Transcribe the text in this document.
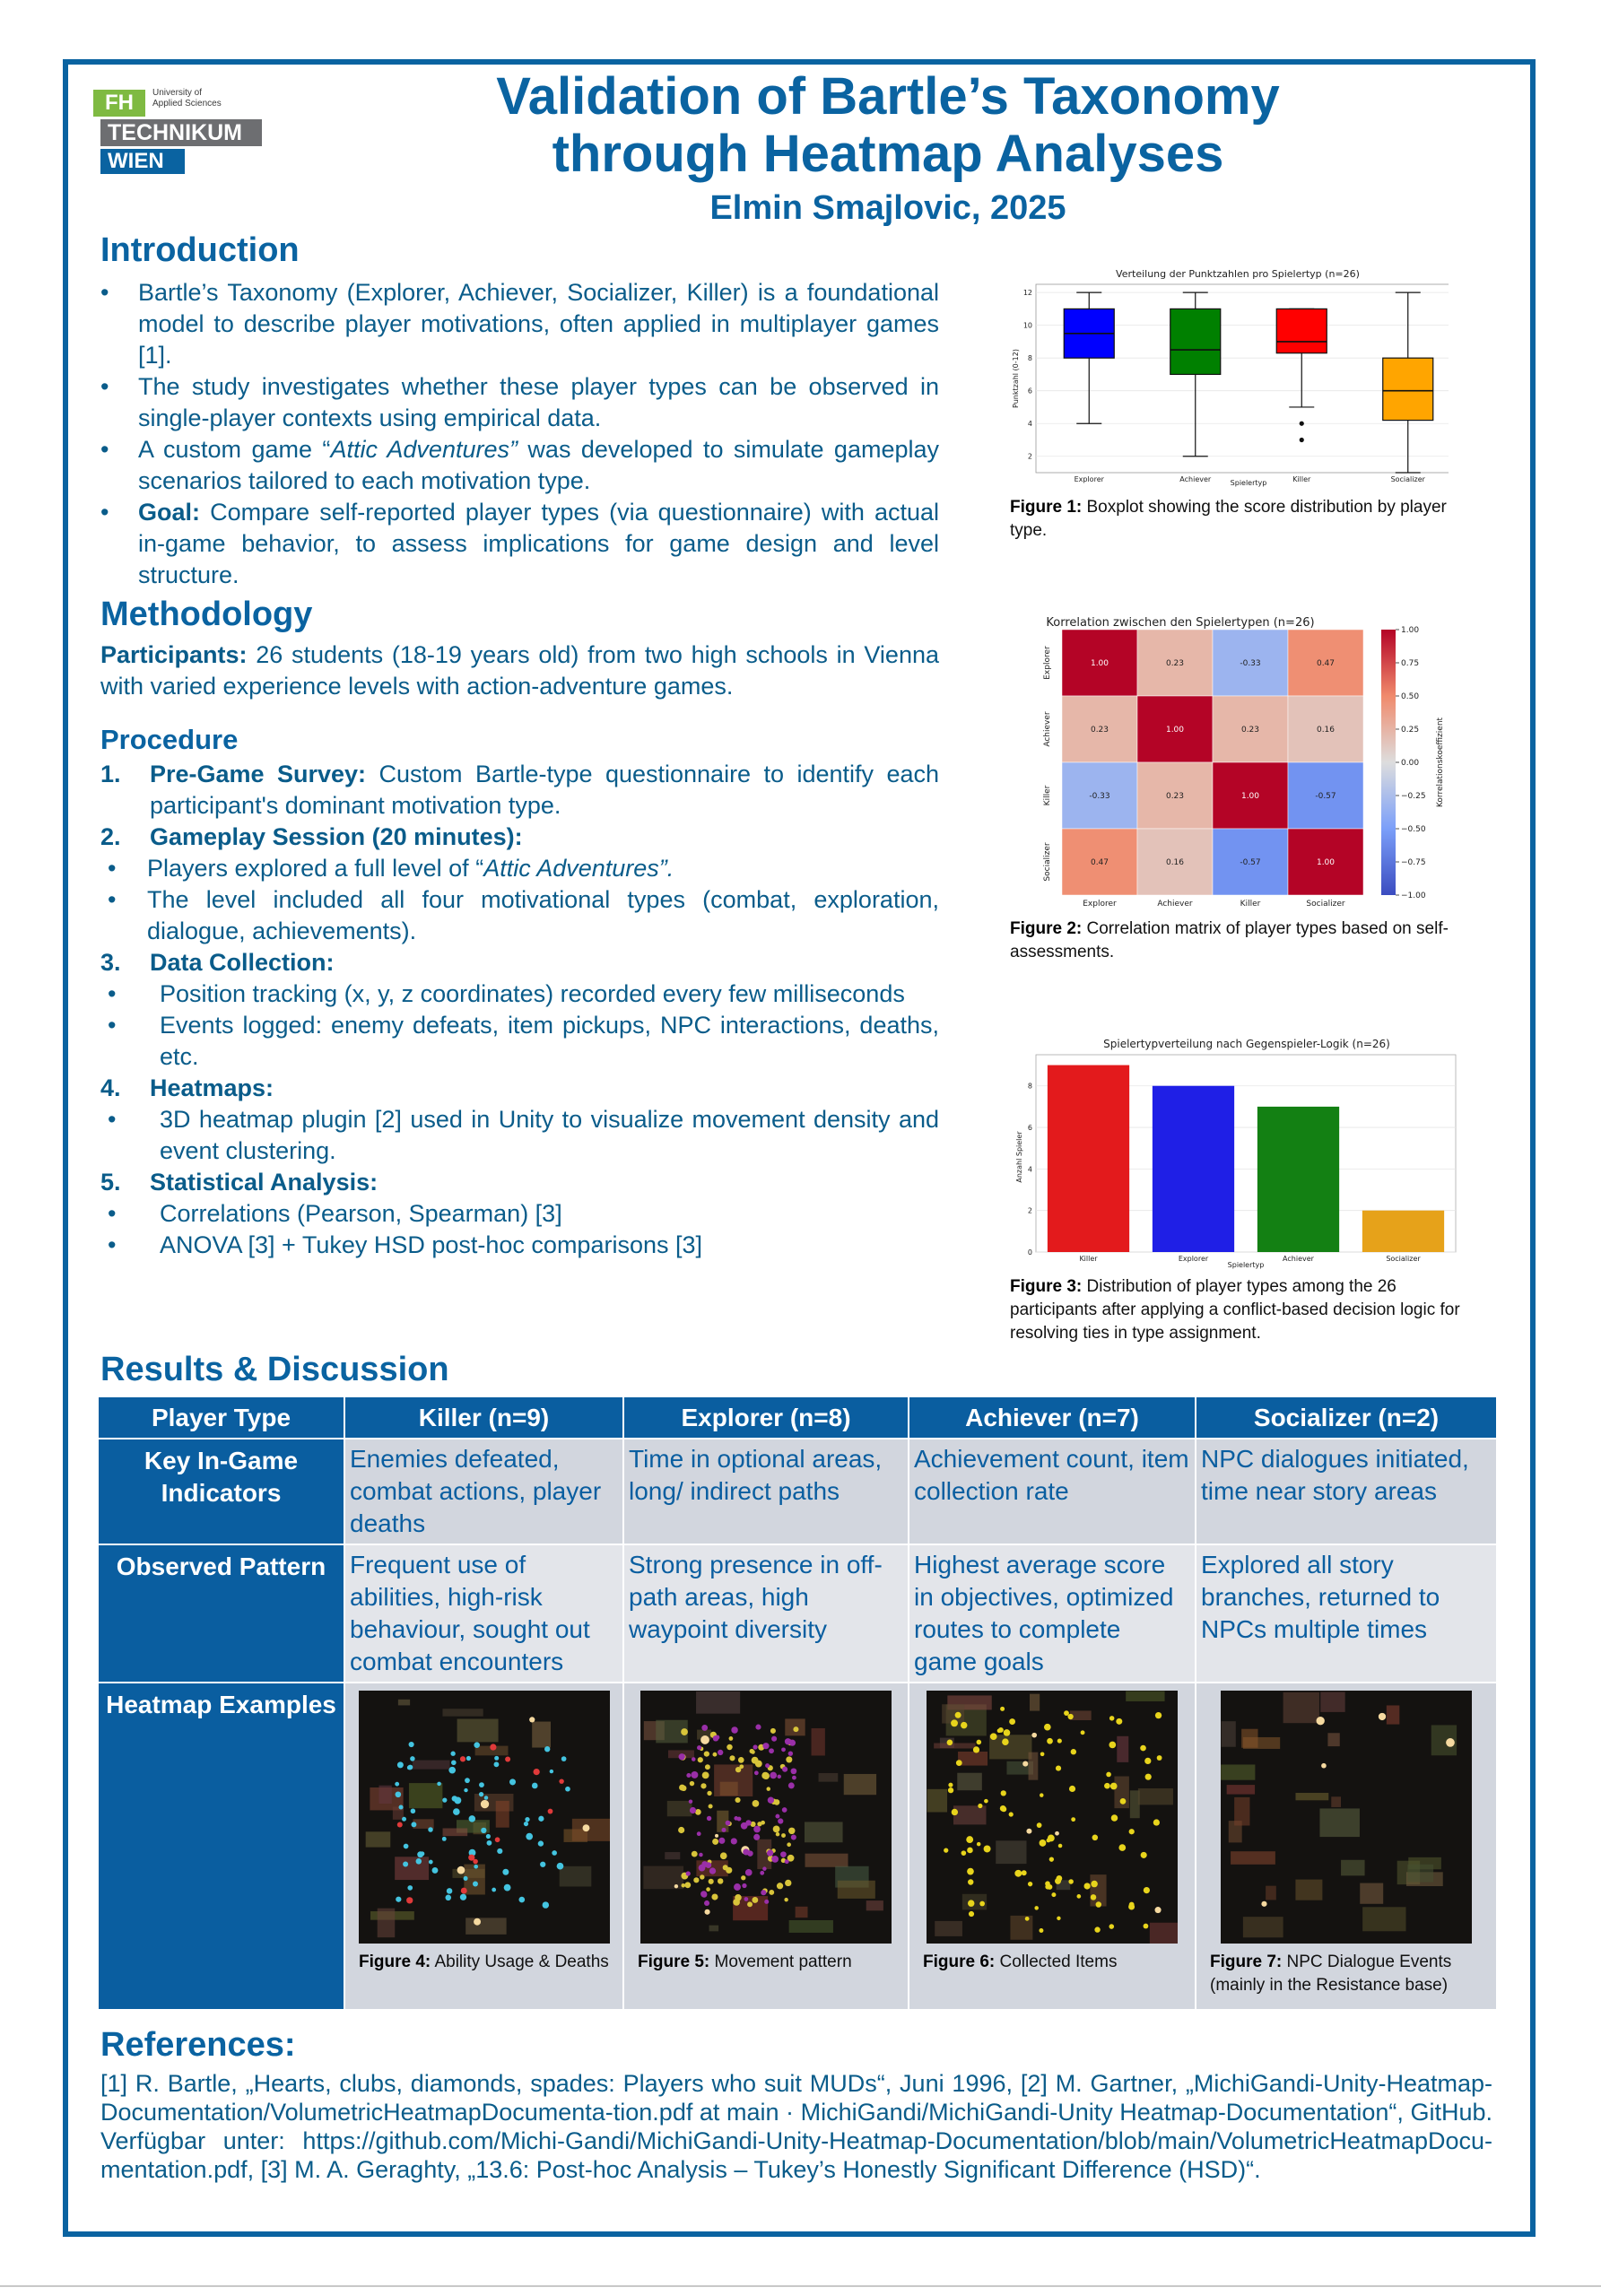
FH	University of
Applied Sciences
TECHNIKUM
WIEN
Validation of Bartle’s Taxonomy
through Heatmap Analyses
Elmin Smajlovic, 2025
Introduction
• Bartle’s Taxonomy (Explorer, Achiever, Socializer, Killer) is a foundational model to describe player motivations, often applied in multiplayer games [1].
• The study investigates whether these player types can be observed in single-player contexts using empirical data.
• A custom game “Attic Adventures” was developed to simulate gameplay scenarios tailored to each motivation type.
• Goal: Compare self-reported player types (via questionnaire) with actual in-game behavior, to assess implications for game design and level structure.
Methodology
Participants: 26 students (18-19 years old) from two high schools in Vienna with varied experience levels with action-adventure games.
Procedure
1. Pre-Game Survey: Custom Bartle-type questionnaire to identify each participant's dominant motivation type.
2. Gameplay Session (20 minutes):
• Players explored a full level of “Attic Adventures”.
• The level included all four motivational types (combat, exploration, dialogue, achievements).
3. Data Collection:
• Position tracking (x, y, z coordinates) recorded every few milliseconds
• Events logged: enemy defeats, item pickups, NPC interactions, deaths, etc.
4. Heatmaps:
• 3D heatmap plugin [2] used in Unity to visualize movement density and event clustering.
5. Statistical Analysis:
• Correlations (Pearson, Spearman) [3]
• ANOVA [3] + Tukey HSD post-hoc comparisons [3]
Verteilung der Punktzahlen pro Spielertyp (n=26)
Punktzahl (0-12)
Spielertyp
2
4
6
8
10
12
Explorer	Achiever	Killer	Socializer
Figure 1: Boxplot showing the score distribution by player type.
Korrelation zwischen den Spielertypen (n=26)
1.00	0.23	-0.33	0.47
Explorer
Explorer
0.23	1.00	0.23	0.16
Achiever
Achiever
-0.33	0.23	1.00	-0.57
Killer
Killer
0.47	0.16	-0.57	1.00
Socializer
Socializer
1.00
0.75
0.50
0.25
0.00
−0.25
−0.50
−0.75
−1.00
Korrelationskoeffizient
Figure 2: Correlation matrix of player types based on self-assessments.
Spielertypverteilung nach Gegenspieler-Logik (n=26)
Anzahl Spieler
Spielertyp
0
2
4
6
8
Killer	Explorer	Achiever	Socializer
Figure 3: Distribution of player types among the 26 participants after applying a conflict-based decision logic for resolving ties in type assignment.
Results & Discussion
Player Type	Killer (n=9)	Explorer (n=8)	Achiever (n=7)	Socializer (n=2)
Key In-Game Indicators	Enemies defeated, combat actions, player deaths	Time in optional areas, long/ indirect paths	Achievement count, item collection rate	NPC dialogues initiated, time near story areas
Observed Pattern	Frequent use of abilities, high-risk behaviour, sought out combat encounters	Strong presence in off-path areas, high waypoint diversity	Highest average score in objectives, optimized routes to complete game goals	Explored all story branches, returned to NPCs multiple times
Heatmap Examples	Figure 4: Ability Usage & Deaths	Figure 5: Movement pattern	Figure 6: Collected Items	Figure 7: NPC Dialogue Events (mainly in the Resistance base)
References:
[1] R. Bartle, „Hearts, clubs, diamonds, spades: Players who suit MUDs“, Juni 1996, [2] M. Gartner, „MichiGandi-Unity-Heatmap-Documentation/VolumetricHeatmapDocumenta-tion.pdf at main · MichiGandi/MichiGandi-Unity Heatmap-Documentation“, GitHub. Verfügbar unter: https://github.com/Michi-Gandi/MichiGandi-Unity-Heatmap-Documentation/blob/main/VolumetricHeatmapDocu-mentation.pdf, [3] M. A. Geraghty, „13.6: Post-hoc Analysis – Tukey’s Honestly Significant Difference (HSD)“.
